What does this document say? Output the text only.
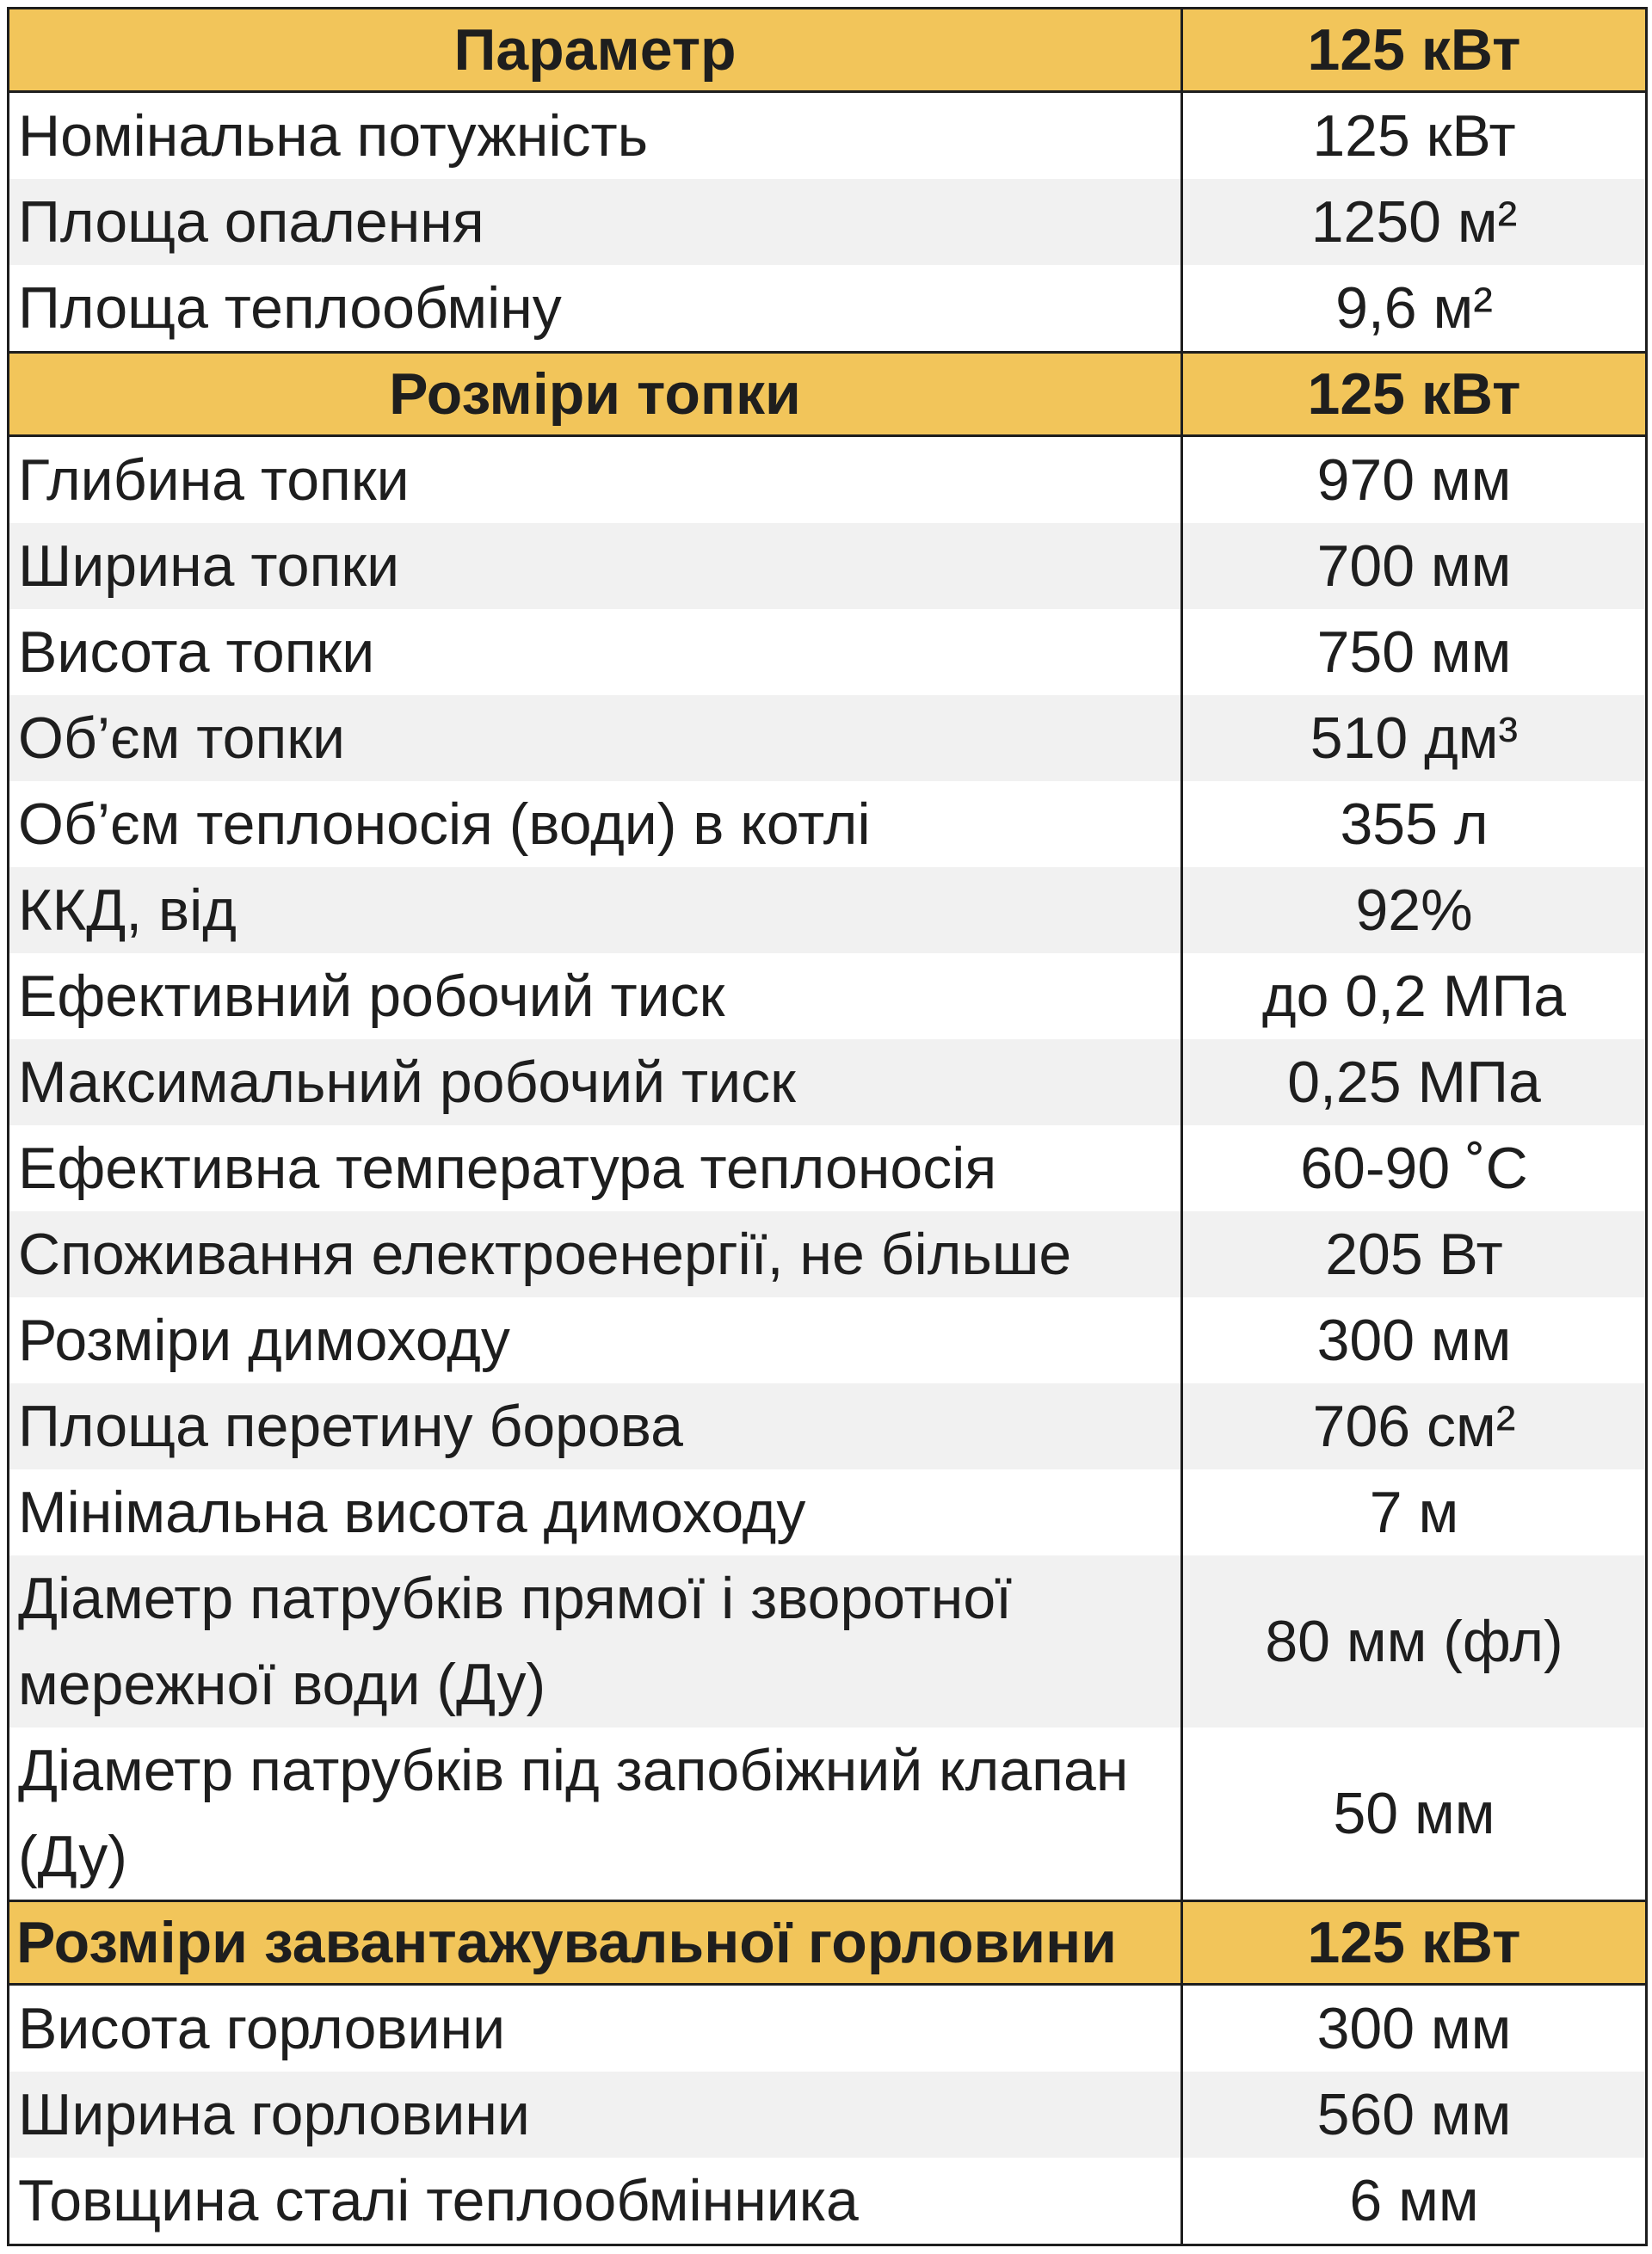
Параметр	125 кВт
Номінальна потужність	125 кВт
Площа опалення	1250 м²
Площа теплообміну	9,6 м²
Розміри топки	125 кВт
Глибина топки	970 мм
Ширина топки	700 мм
Висота топки	750 мм
Об’єм топки	510 дм³
Об’єм теплоносія (води) в котлі	355 л
ККД, від	92%
Ефективний робочий тиск	до 0,2 МПа
Максимальний робочий тиск	0,25 МПа
Ефективна температура теплоносія	60-90 ˚С
Споживання електроенергії, не більше	205 Вт
Розміри димоходу	300 мм
Площа перетину борова	706 см²
Мінімальна висота димоходу	7 м
Діаметр патрубків прямої і зворотної мережної води (Ду)	80 мм (фл)
Діаметр патрубків під запобіжний клапан (Ду)	50 мм
Розміри завантажувальної горловини	125 кВт
Висота горловини	300 мм
Ширина горловини	560 мм
Товщина сталі теплообмінника	6 мм
